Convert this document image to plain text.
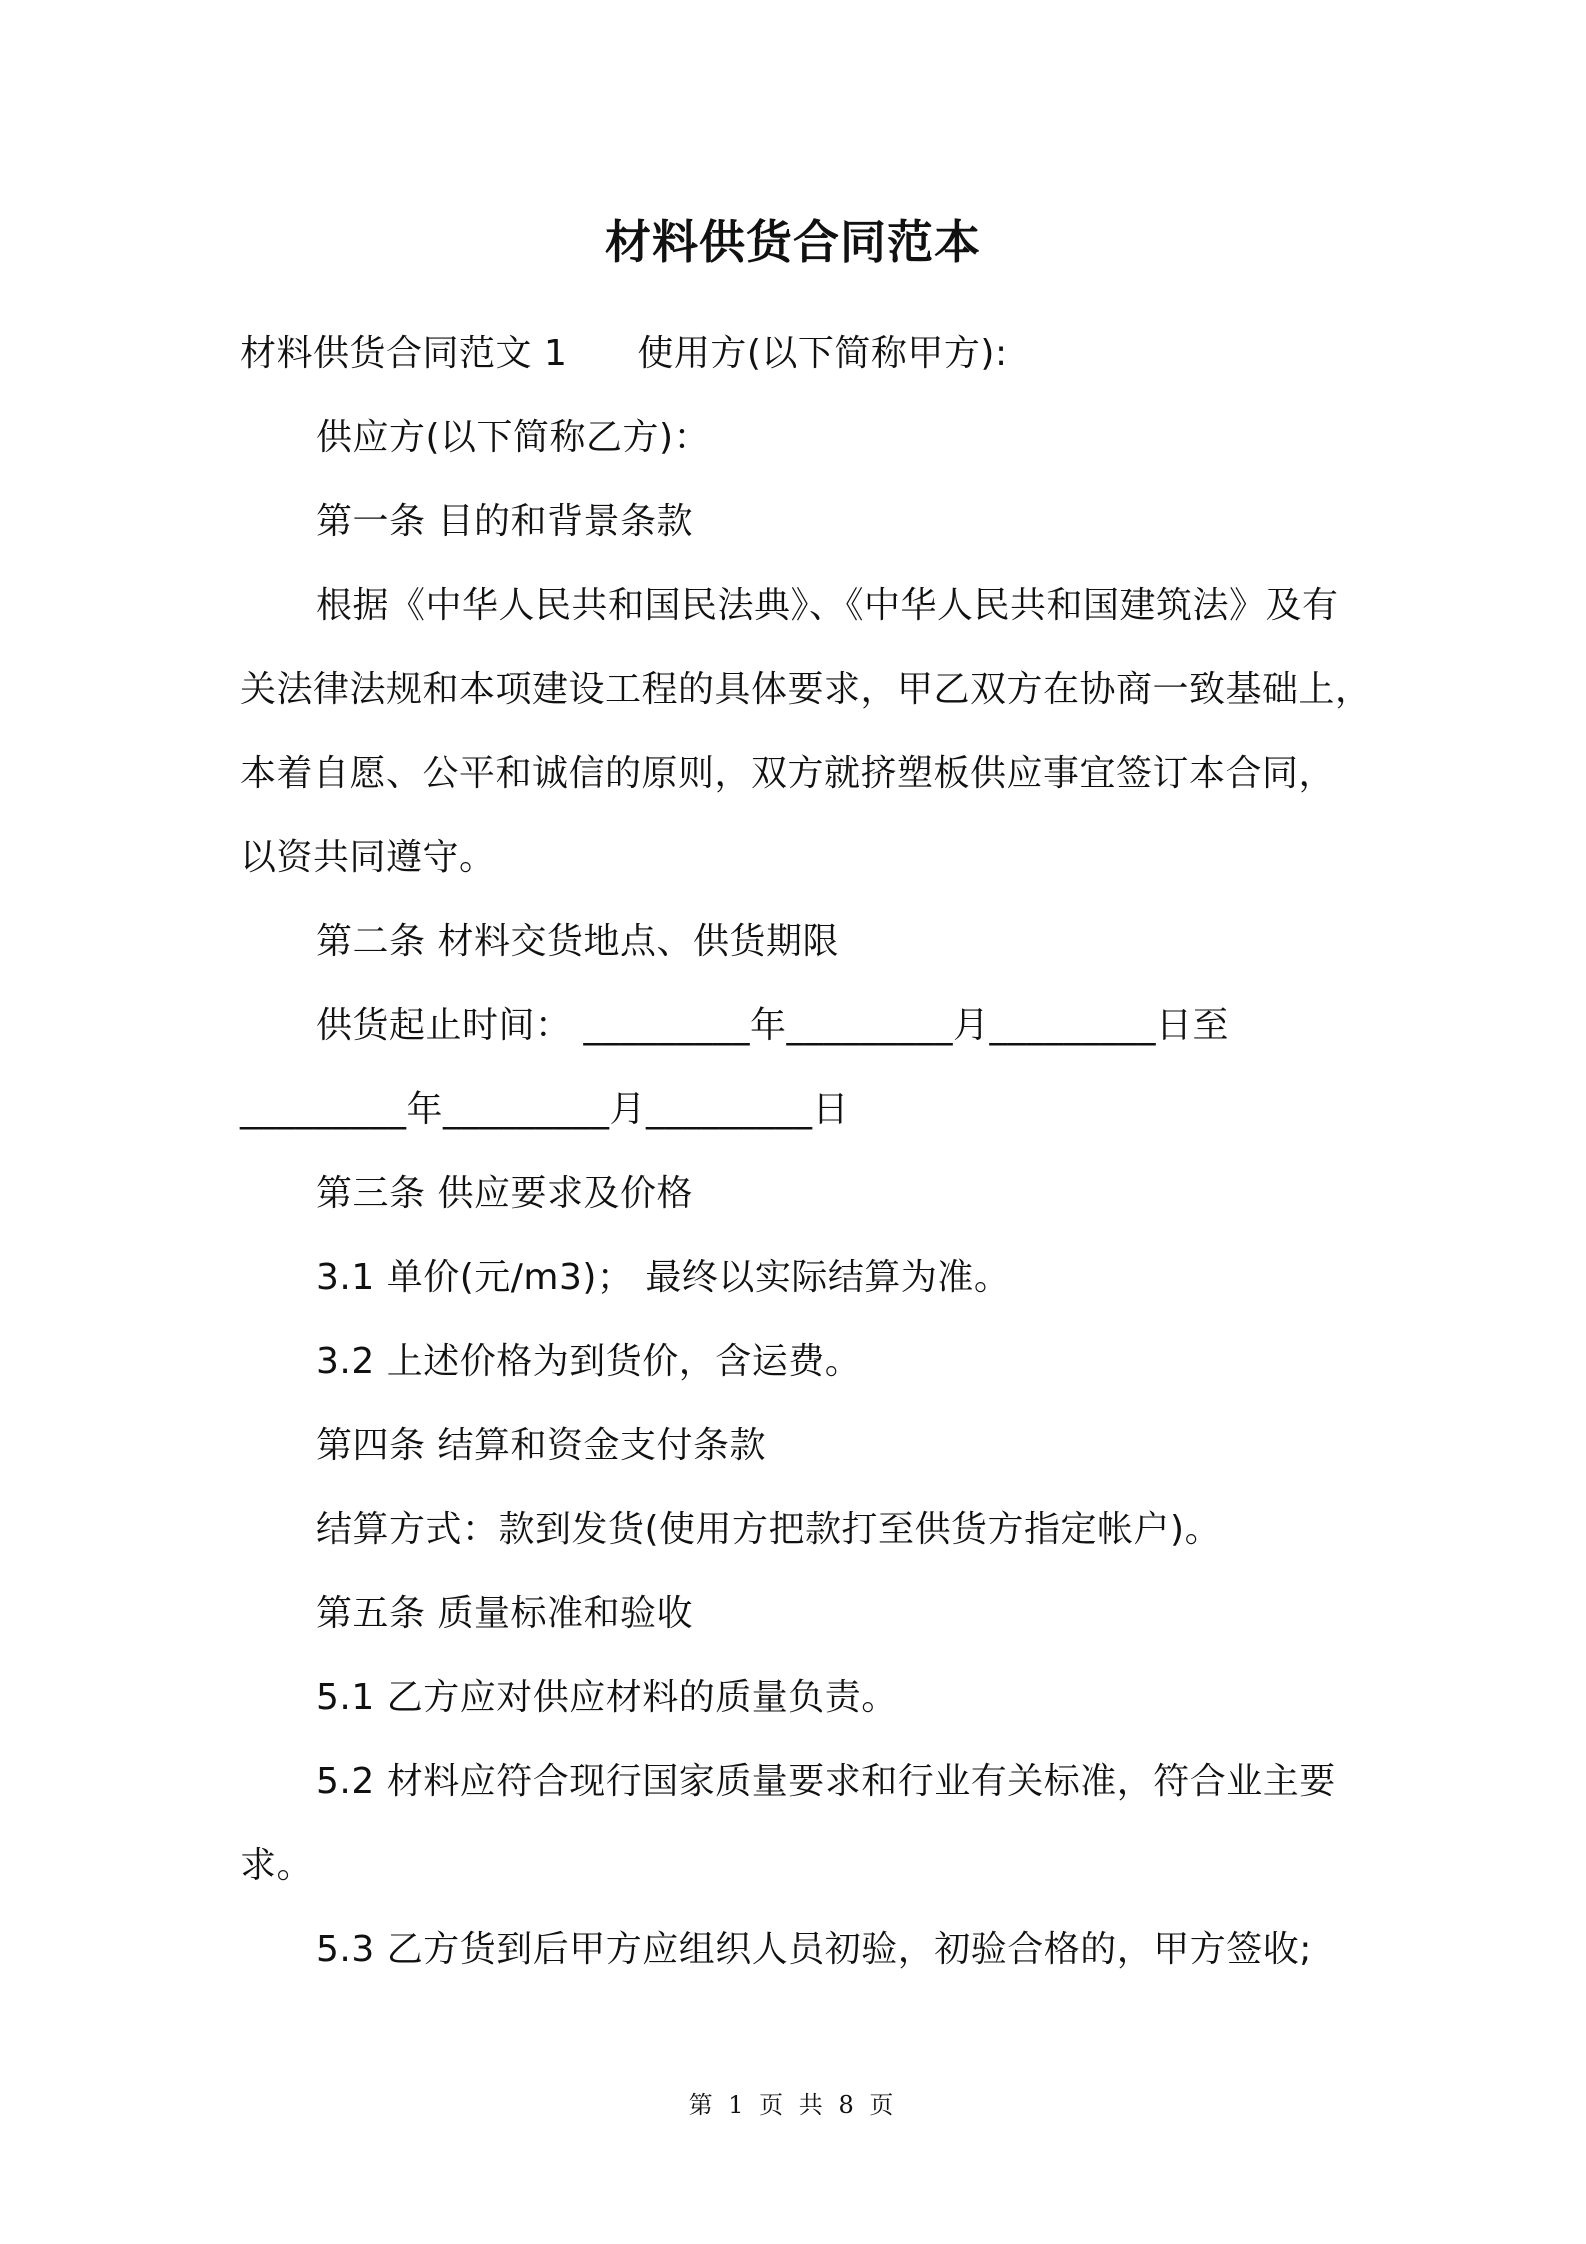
材料供货合同范本
材料供货合同范文 1 使用方(以下简称甲方):
供应方(以下简称乙方)：
第一条 目的和背景条款
根据《中华人民共和国民法典》、《中华人民共和国建筑法》及有
关法律法规和本项建设工程的具体要求，甲乙双方在协商一致基础上，
本着自愿、公平和诚信的原则，双方就挤塑板供应事宜签订本合同，
以资共同遵守。
第二条 材料交货地点、供货期限
供货起止时间： _________年_________月_________日至
_________年_________月_________日
第三条 供应要求及价格
3.1 单价(元/m3)； 最终以实际结算为准。
3.2 上述价格为到货价，含运费。
第四条 结算和资金支付条款
结算方式：款到发货(使用方把款打至供货方指定帐户)。
第五条 质量标准和验收
5.1 乙方应对供应材料的质量负责。
5.2 材料应符合现行国家质量要求和行业有关标准，符合业主要
求。
5.3 乙方货到后甲方应组织人员初验，初验合格的，甲方签收;
第 1 页 共 8 页
